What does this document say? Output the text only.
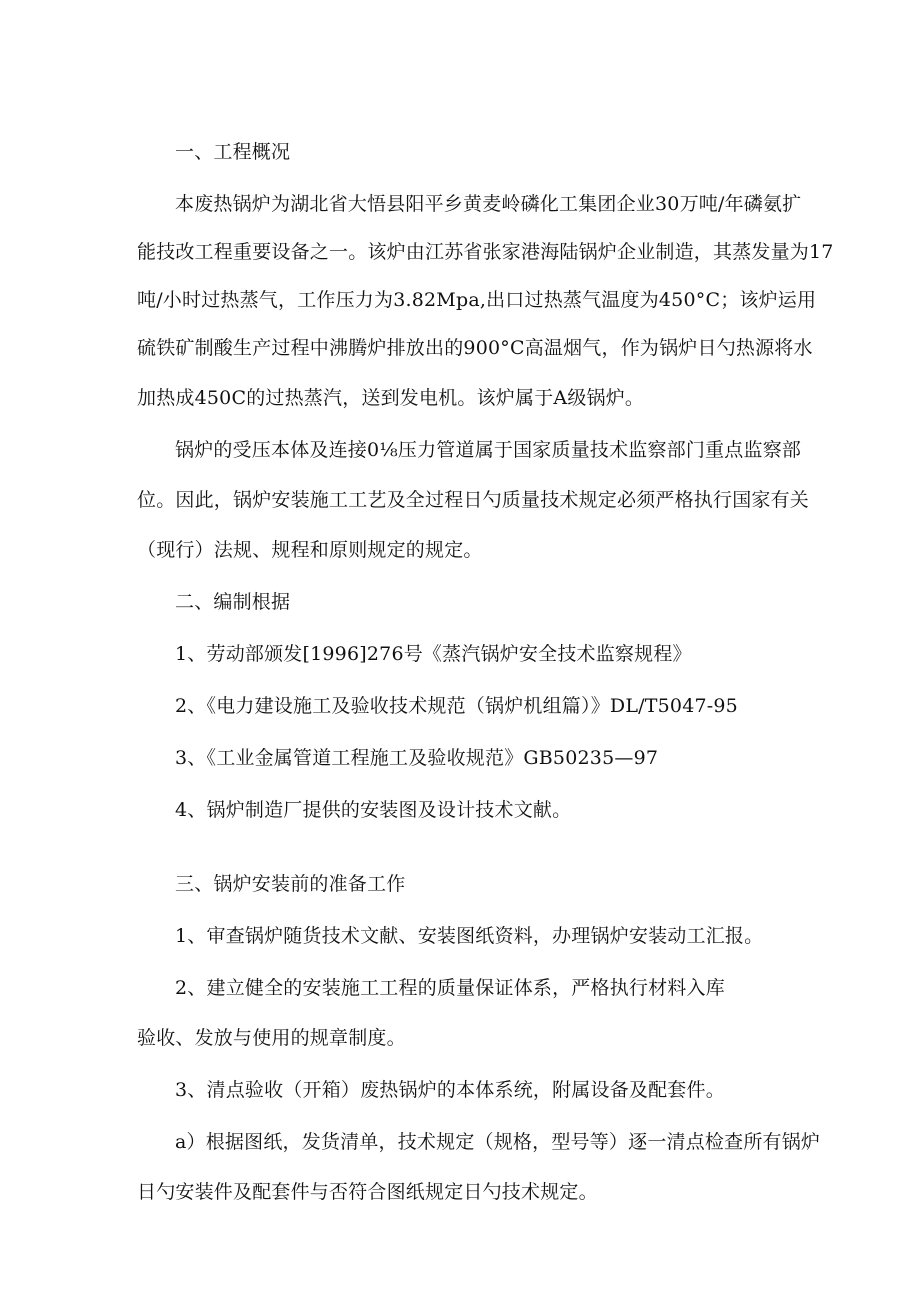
一、工程概况
本废热锅炉为湖北省大悟县阳平乡黄麦岭磷化工集团企业30万吨/年磷氨扩
能技改工程重要设备之一。该炉由江苏省张家港海陆锅炉企业制造，其蒸发量为17
吨/小时过热蒸气，工作压力为3.82Mpa,出口过热蒸气温度为450°C；该炉运用
硫铁矿制酸生产过程中沸腾炉排放出的900°C高温烟气，作为锅炉日勺热源将水
加热成450C的过热蒸汽，送到发电机。该炉属于A级锅炉。
锅炉的受压本体及连接0⅛压力管道属于国家质量技术监察部门重点监察部
位。因此，锅炉安装施工工艺及全过程日勺质量技术规定必须严格执行国家有关
（现行）法规、规程和原则规定的规定。
二、编制根据
1、劳动部颁发[1996]276号《蒸汽锅炉安全技术监察规程》
2、《电力建设施工及验收技术规范（锅炉机组篇）》DL/T5047-95
3、《工业金属管道工程施工及验收规范》GB50235—97
4、锅炉制造厂提供的安装图及设计技术文献。
三、锅炉安装前的准备工作
1、审查锅炉随货技术文献、安装图纸资料，办理锅炉安装动工汇报。
2、建立健全的安装施工工程的质量保证体系，严格执行材料入库
验收、发放与使用的规章制度。
3、清点验收（开箱）废热锅炉的本体系统，附属设备及配套件。
a）根据图纸，发货清单，技术规定（规格，型号等）逐一清点检查所有锅炉
日勺安装件及配套件与否符合图纸规定日勺技术规定。
